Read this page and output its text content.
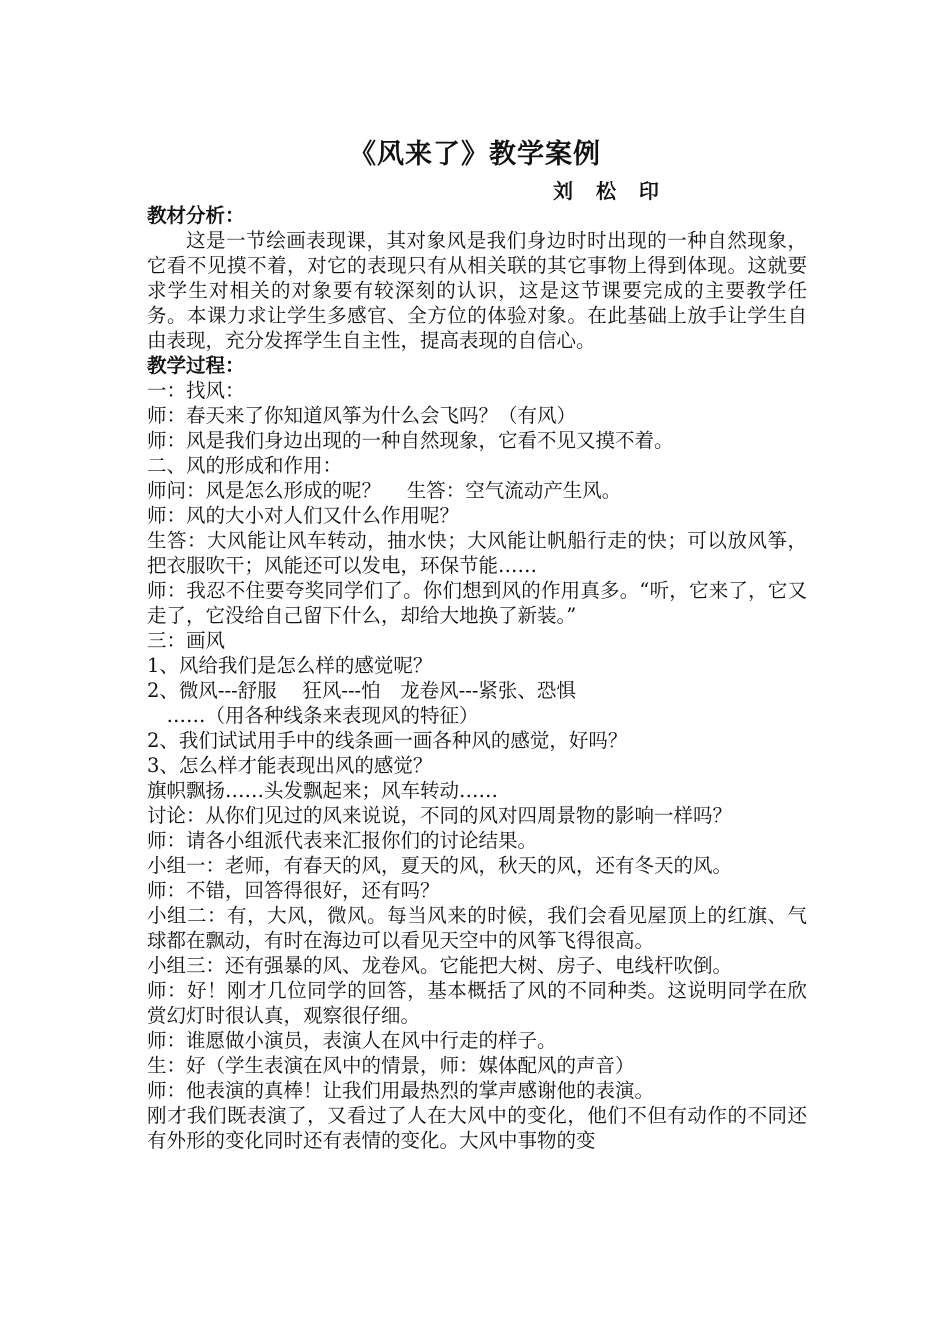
《风来了》教学案例
刘 松 印

教材分析：

这是一节绘画表现课，其对象风是我们身边时时出现的一种自然现象，它看不见摸不着，对它的表现只有从相关联的其它事物上得到体现。这就要求学生对相关的对象要有较深刻的认识，这是这节课要完成的主要教学任务。本课力求让学生多感官、全方位的体验对象。在此基础上放手让学生自由表现，充分发挥学生自主性，提高表现的自信心。

教学过程：

一：找风：

师：春天来了你知道风筝为什么会飞吗？（有风）

师：风是我们身边出现的一种自然现象，它看不见又摸不着。

二、风的形成和作用：

师问：风是怎么形成的呢？　 生答：空气流动产生风。

师：风的大小对人们又什么作用呢？

生答：大风能让风车转动，抽水快；大风能让帆船行走的快；可以放风筝，把衣服吹干；风能还可以发电，环保节能……

师：我忍不住要夸奖同学们了。你们想到风的作用真多。“听，它来了，它又走了，它没给自己留下什么，却给大地换了新装。”

三：画风

1、风给我们是怎么样的感觉呢？

2、微风---舒服　 狂风---怕　龙卷风---紧张、恐惧

　……（用各种线条来表现风的特征）

2、我们试试用手中的线条画一画各种风的感觉，好吗？

3、怎么样才能表现出风的感觉？

旗帜飘扬……头发飘起来；风车转动……

讨论：从你们见过的风来说说，不同的风对四周景物的影响一样吗？

师：请各小组派代表来汇报你们的讨论结果。

小组一：老师，有春天的风，夏天的风，秋天的风，还有冬天的风。

师：不错，回答得很好，还有吗？

小组二：有，大风，微风。每当风来的时候，我们会看见屋顶上的红旗、气球都在飘动，有时在海边可以看见天空中的风筝飞得很高。

小组三：还有强暴的风、龙卷风。它能把大树、房子、电线杆吹倒。

师：好！刚才几位同学的回答，基本概括了风的不同种类。这说明同学在欣赏幻灯时很认真，观察很仔细。

师：谁愿做小演员，表演人在风中行走的样子。

生：好（学生表演在风中的情景，师：媒体配风的声音）

师：他表演的真棒！让我们用最热烈的掌声感谢他的表演。

刚才我们既表演了，又看过了人在大风中的变化，他们不但有动作的不同还有外形的变化同时还有表情的变化。大风中事物的变
